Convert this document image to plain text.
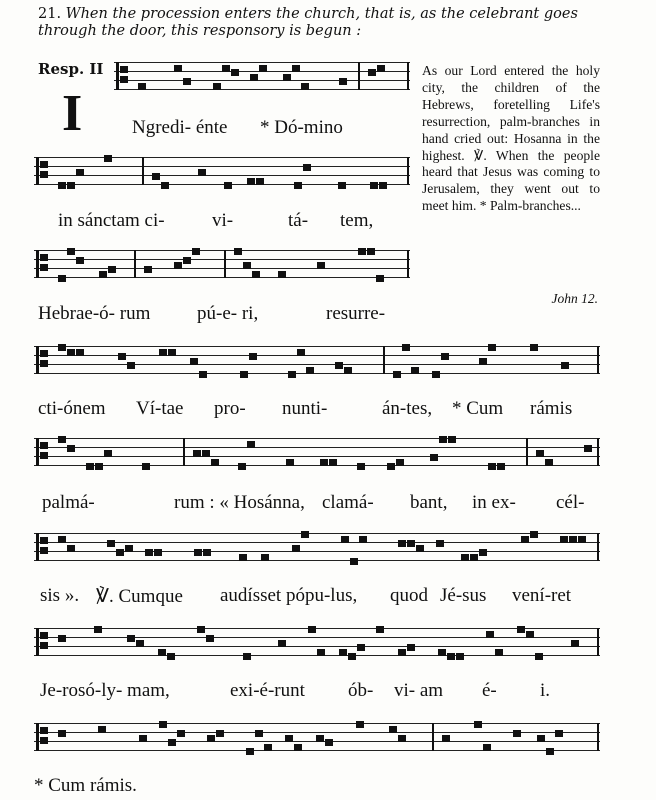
21. When the procession enters the church, that is, as the celebrant goes through the door, this responsory is begun :
Resp. II
I

As our Lord entered the holy city, the children of the Hebrews, foretelling Life's resurrection, palm-branches in hand cried out: Hosanna in the highest. ℣. When the people heard that Jesus was coming to Jerusalem, they went out to meet him. * Palm-branches...

John 12.
Ngredi- énte * Dó-mino
in sánctam ci- vi-	tá- tem,
Hebrae-ó- rum pú-e- ri,	resurre-
cti-ónem Ví-tae pro- nunti-	án-tes, * Cum rámis
palmá-	rum : « Hosánna, clamá- bant, in ex- cél-
sis ». ℣. Cumque audísset pópu-lus, quod Jé-sus vení-ret
Je-rosó-ly- mam,	exi-é-runt ób- vi- am é- i.
* Cum rámis.
